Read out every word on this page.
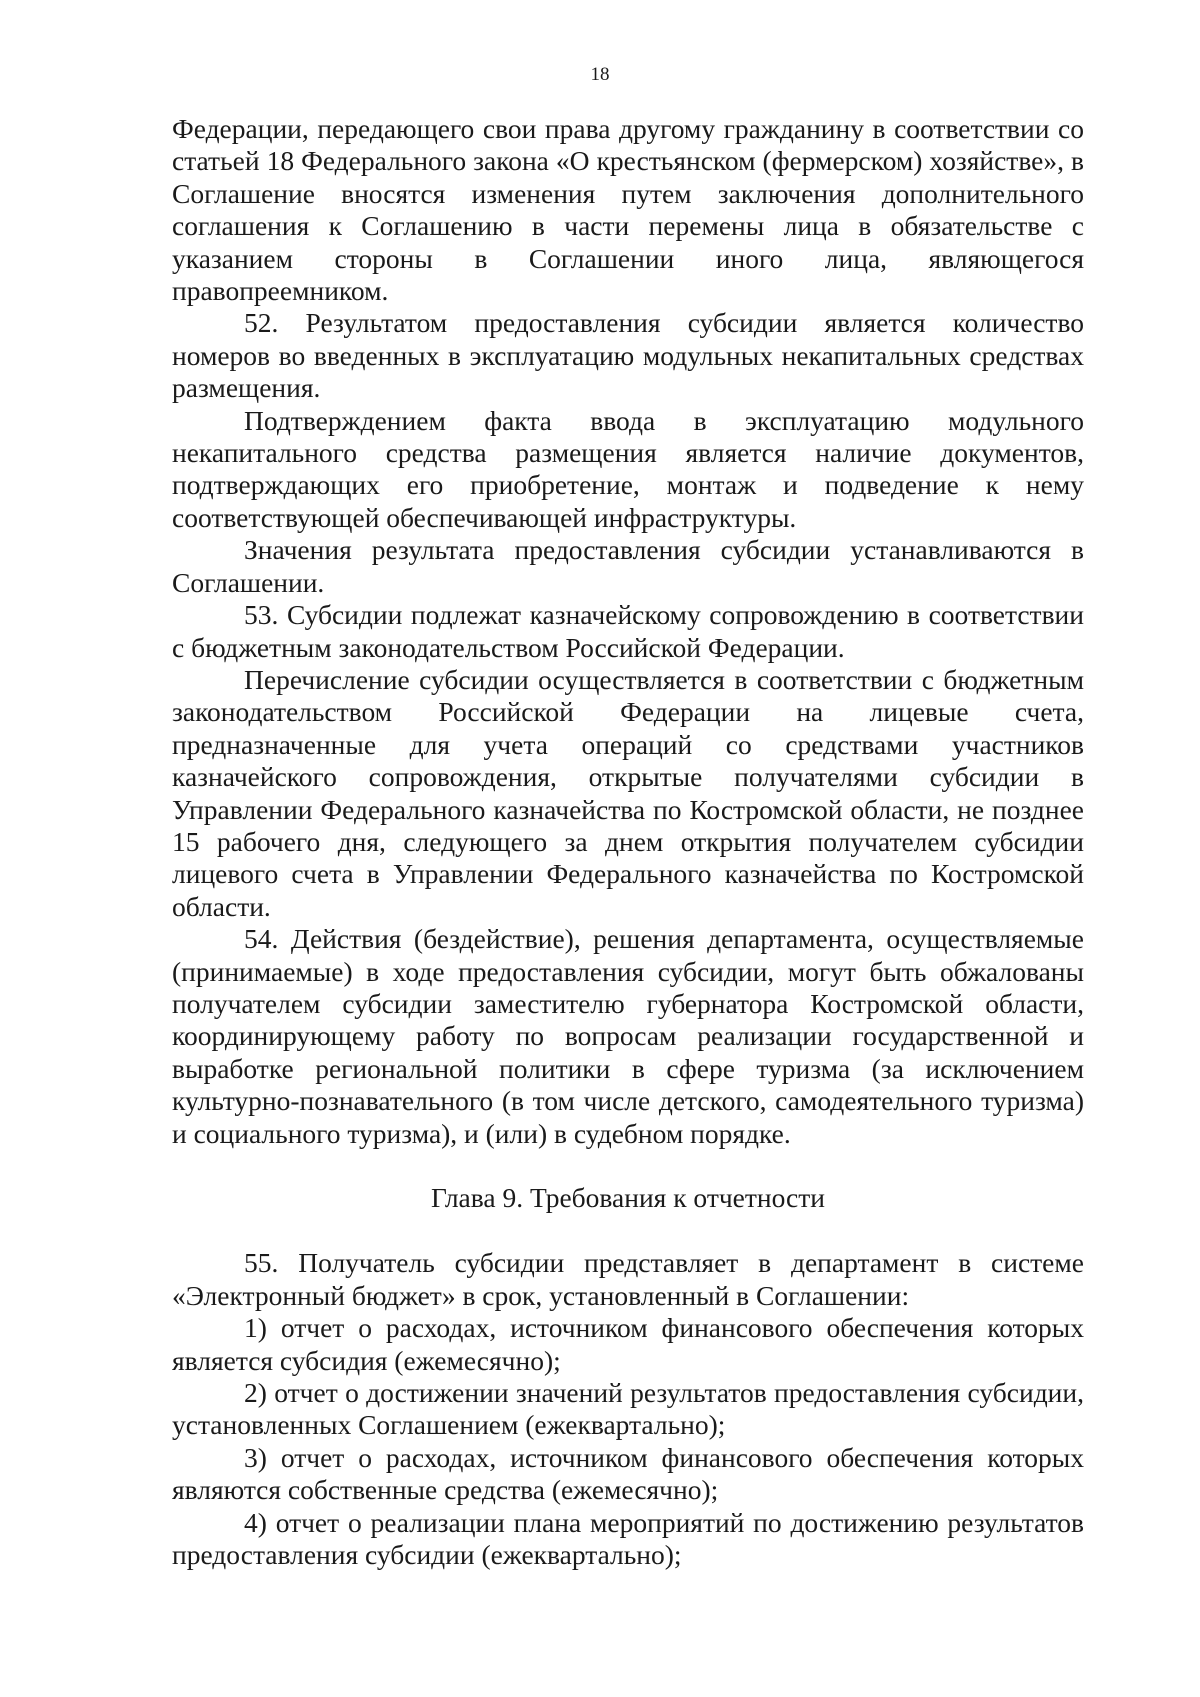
18

Федерации, передающего свои права другому гражданину в соответствии со статьей 18 Федерального закона «О крестьянском (фермерском) хозяйстве», в Соглашение вносятся изменения путем заключения дополнительного соглашения к Соглашению в части перемены лица в обязательстве с указанием стороны в Соглашении иного лица, являющегося правопреемником.

52. Результатом предоставления субсидии является количество номеров во введенных в эксплуатацию модульных некапитальных средствах размещения.

Подтверждением факта ввода в эксплуатацию модульного некапитального средства размещения является наличие документов, подтверждающих его приобретение, монтаж и подведение к нему соответствующей обеспечивающей инфраструктуры.

Значения результата предоставления субсидии устанавливаются в Соглашении.

53. Субсидии подлежат казначейскому сопровождению в соответствии с бюджетным законодательством Российской Федерации.

Перечисление субсидии осуществляется в соответствии с бюджетным законодательством Российской Федерации на лицевые счета, предназначенные для учета операций со средствами участников казначейского сопровождения, открытые получателями субсидии в Управлении Федерального казначейства по Костромской области, не позднее 15 рабочего дня, следующего за днем открытия получателем субсидии лицевого счета в Управлении Федерального казначейства по Костромской области.

54. Действия (бездействие), решения департамента, осуществляемые (принимаемые) в ходе предоставления субсидии, могут быть обжалованы получателем субсидии заместителю губернатора Костромской области, координирующему работу по вопросам реализации государственной и выработке региональной политики в сфере туризма (за исключением культурно-познавательного (в том числе детского, самодеятельного туризма) и социального туризма), и (или) в судебном порядке.

Глава 9. Требования к отчетности

55. Получатель субсидии представляет в департамент в системе «Электронный бюджет» в срок, установленный в Соглашении:

1) отчет о расходах, источником финансового обеспечения которых является субсидия (ежемесячно);

2) отчет о достижении значений результатов предоставления субсидии, установленных Соглашением (ежеквартально);

3) отчет о расходах, источником финансового обеспечения которых являются собственные средства (ежемесячно);

4) отчет о реализации плана мероприятий по достижению результатов предоставления субсидии (ежеквартально);
